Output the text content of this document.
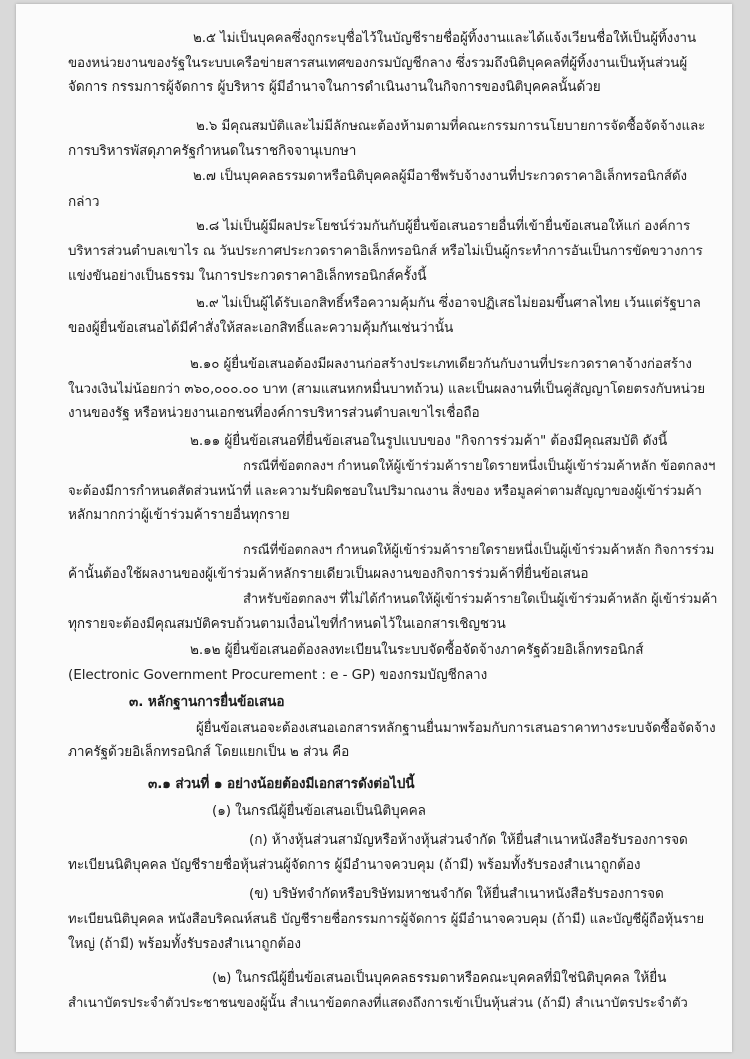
๒.๕ ไม่เป็นบุคคลซึ่งถูกระบุชื่อไว้ในบัญชีรายชื่อผู้ทิ้งงานและได้แจ้งเวียนชื่อให้เป็นผู้ทิ้งงาน
ของหน่วยงานของรัฐในระบบเครือข่ายสารสนเทศของกรมบัญชีกลาง ซึ่งรวมถึงนิติบุคคลที่ผู้ทิ้งงานเป็นหุ้นส่วนผู้
จัดการ กรรมการผู้จัดการ ผู้บริหาร ผู้มีอำนาจในการดำเนินงานในกิจการของนิติบุคคลนั้นด้วย
๒.๖ มีคุณสมบัติและไม่มีลักษณะต้องห้ามตามที่คณะกรรมการนโยบายการจัดซื้อจัดจ้างและ
การบริหารพัสดุภาครัฐกำหนดในราชกิจจานุเบกษา
๒.๗ เป็นบุคคลธรรมดาหรือนิติบุคคลผู้มีอาชีพรับจ้างงานที่ประกวดราคาอิเล็กทรอนิกส์ดัง
กล่าว
๒.๘ ไม่เป็นผู้มีผลประโยชน์ร่วมกันกับผู้ยื่นข้อเสนอรายอื่นที่เข้ายื่นข้อเสนอให้แก่ องค์การ
บริหารส่วนตำบลเขาไร ณ วันประกาศประกวดราคาอิเล็กทรอนิกส์ หรือไม่เป็นผู้กระทำการอันเป็นการขัดขวางการ
แข่งขันอย่างเป็นธรรม ในการประกวดราคาอิเล็กทรอนิกส์ครั้งนี้
๒.๙ ไม่เป็นผู้ได้รับเอกสิทธิ์หรือความคุ้มกัน ซึ่งอาจปฏิเสธไม่ยอมขึ้นศาลไทย เว้นแต่รัฐบาล
ของผู้ยื่นข้อเสนอได้มีคำสั่งให้สละเอกสิทธิ์และความคุ้มกันเช่นว่านั้น
๒.๑๐ ผู้ยื่นข้อเสนอต้องมีผลงานก่อสร้างประเภทเดียวกันกับงานที่ประกวดราคาจ้างก่อสร้าง
ในวงเงินไม่น้อยกว่า ๓๖๐,๐๐๐.๐๐ บาท (สามแสนหกหมื่นบาทถ้วน) และเป็นผลงานที่เป็นคู่สัญญาโดยตรงกับหน่วย
งานของรัฐ หรือหน่วยงานเอกชนที่องค์การบริหารส่วนตำบลเขาไรเชื่อถือ
๒.๑๑ ผู้ยื่นข้อเสนอที่ยื่นข้อเสนอในรูปแบบของ "กิจการร่วมค้า" ต้องมีคุณสมบัติ ดังนี้
กรณีที่ข้อตกลงฯ กำหนดให้ผู้เข้าร่วมค้ารายใดรายหนึ่งเป็นผู้เข้าร่วมค้าหลัก ข้อตกลงฯ
จะต้องมีการกำหนดสัดส่วนหน้าที่ และความรับผิดชอบในปริมาณงาน สิ่งของ หรือมูลค่าตามสัญญาของผู้เข้าร่วมค้า
หลักมากกว่าผู้เข้าร่วมค้ารายอื่นทุกราย
กรณีที่ข้อตกลงฯ กำหนดให้ผู้เข้าร่วมค้ารายใดรายหนึ่งเป็นผู้เข้าร่วมค้าหลัก กิจการร่วม
ค้านั้นต้องใช้ผลงานของผู้เข้าร่วมค้าหลักรายเดียวเป็นผลงานของกิจการร่วมค้าที่ยื่นข้อเสนอ
สำหรับข้อตกลงฯ ที่ไม่ได้กำหนดให้ผู้เข้าร่วมค้ารายใดเป็นผู้เข้าร่วมค้าหลัก ผู้เข้าร่วมค้า
ทุกรายจะต้องมีคุณสมบัติครบถ้วนตามเงื่อนไขที่กำหนดไว้ในเอกสารเชิญชวน
๒.๑๒ ผู้ยื่นข้อเสนอต้องลงทะเบียนในระบบจัดซื้อจัดจ้างภาครัฐด้วยอิเล็กทรอนิกส์
(Electronic Government Procurement : e - GP) ของกรมบัญชีกลาง
๓. หลักฐานการยื่นข้อเสนอ
ผู้ยื่นข้อเสนอจะต้องเสนอเอกสารหลักฐานยื่นมาพร้อมกับการเสนอราคาทางระบบจัดซื้อจัดจ้าง
ภาครัฐด้วยอิเล็กทรอนิกส์ โดยแยกเป็น ๒ ส่วน คือ
๓.๑ ส่วนที่ ๑ อย่างน้อยต้องมีเอกสารดังต่อไปนี้
(๑) ในกรณีผู้ยื่นข้อเสนอเป็นนิติบุคคล
(ก) ห้างหุ้นส่วนสามัญหรือห้างหุ้นส่วนจำกัด ให้ยื่นสำเนาหนังสือรับรองการจด
ทะเบียนนิติบุคคล บัญชีรายชื่อหุ้นส่วนผู้จัดการ ผู้มีอำนาจควบคุม (ถ้ามี) พร้อมทั้งรับรองสำเนาถูกต้อง
(ข) บริษัทจำกัดหรือบริษัทมหาชนจำกัด ให้ยื่นสำเนาหนังสือรับรองการจด
ทะเบียนนิติบุคคล หนังสือบริคณห์สนธิ บัญชีรายชื่อกรรมการผู้จัดการ ผู้มีอำนาจควบคุม (ถ้ามี) และบัญชีผู้ถือหุ้นราย
ใหญ่ (ถ้ามี) พร้อมทั้งรับรองสำเนาถูกต้อง
(๒) ในกรณีผู้ยื่นข้อเสนอเป็นบุคคลธรรมดาหรือคณะบุคคลที่มิใช่นิติบุคคล ให้ยื่น
สำเนาบัตรประจำตัวประชาชนของผู้นั้น สำเนาข้อตกลงที่แสดงถึงการเข้าเป็นหุ้นส่วน (ถ้ามี) สำเนาบัตรประจำตัว
